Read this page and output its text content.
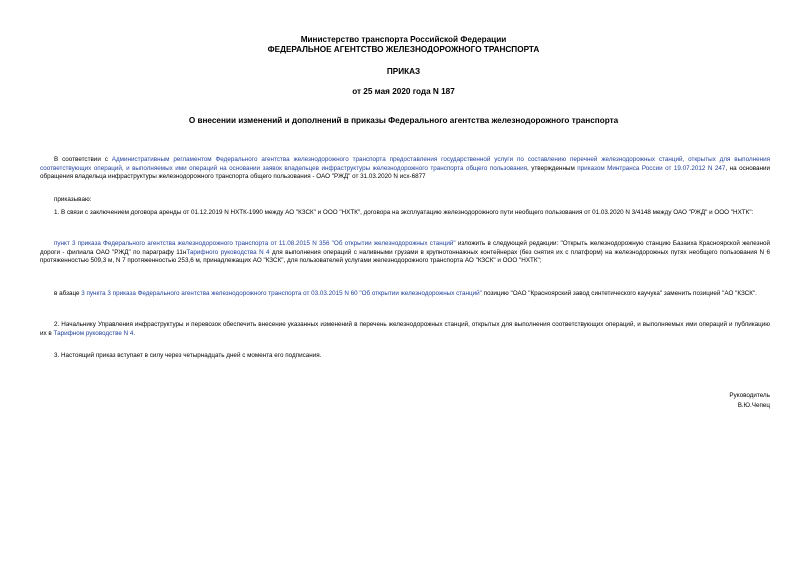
Министерство транспорта Российской Федерации
ФЕДЕРАЛЬНОЕ АГЕНТСТВО ЖЕЛЕЗНОДОРОЖНОГО ТРАНСПОРТА
ПРИКАЗ
от 25 мая 2020 года N 187
О внесении изменений и дополнений в приказы Федерального агентства железнодорожного транспорта
В соответствии с Административным регламентом Федерального агентства железнодорожного транспорта предоставления государственной услуги по составлению перечней железнодорожных станций, открытых для выполнения соответствующих операций, и выполняемых ими операций на основании заявок владельцев инфраструктуры железнодорожного транспорта общего пользования, утвержденным приказом Минтранса России от 19.07.2012 N 247, на основании обращения владельца инфраструктуры железнодорожного транспорта общего пользования - ОАО "РЖД" от 31.03.2020 N исх-6877
приказываю:
1. В связи с заключением договора аренды от 01.12.2019 N НХТК-1990 между АО "КЗСК" и ООО "НХТК", договора на эксплуатацию железнодорожного пути необщего пользования от 01.03.2020 N 3/4148 между ОАО "РЖД" и ООО "НХТК":
пункт 3 приказа Федерального агентства железнодорожного транспорта от 11.08.2015 N 356 "Об открытии железнодорожных станций" изложить в следующей редакции: "Открыть железнодорожную станцию Базаиха Красноярской железной дороги - филиала ОАО "РЖД" по параграфу 11нТарифного руководства N 4 для выполнения операций с наливными грузами в крупнотоннажных контейнерах (без снятия их с платформ) на железнодорожных путях необщего пользования N 6 протяженностью 509,3 м, N 7 протяженностью 253,6 м, принадлежащих АО "КЗСК", для пользователей услугами железнодорожного транспорта АО "КЗСК" и ООО "НХТК";
в абзаце 3 пункта 3 приказа Федерального агентства железнодорожного транспорта от 03.03.2015 N 60 "Об открытии железнодорожных станций" позицию "ОАО "Красноярский завод синтетического каучука" заменить позицией "АО "КЗСК".
2. Начальнику Управления инфраструктуры и перевозок обеспечить внесение указанных изменений в перечень железнодорожных станций, открытых для выполнения соответствующих операций, и выполняемых ими операций и публикацию их в Тарифном руководстве N 4.
3. Настоящий приказ вступает в силу через четырнадцать дней с момента его подписания.
Руководитель
В.Ю.Чепец
